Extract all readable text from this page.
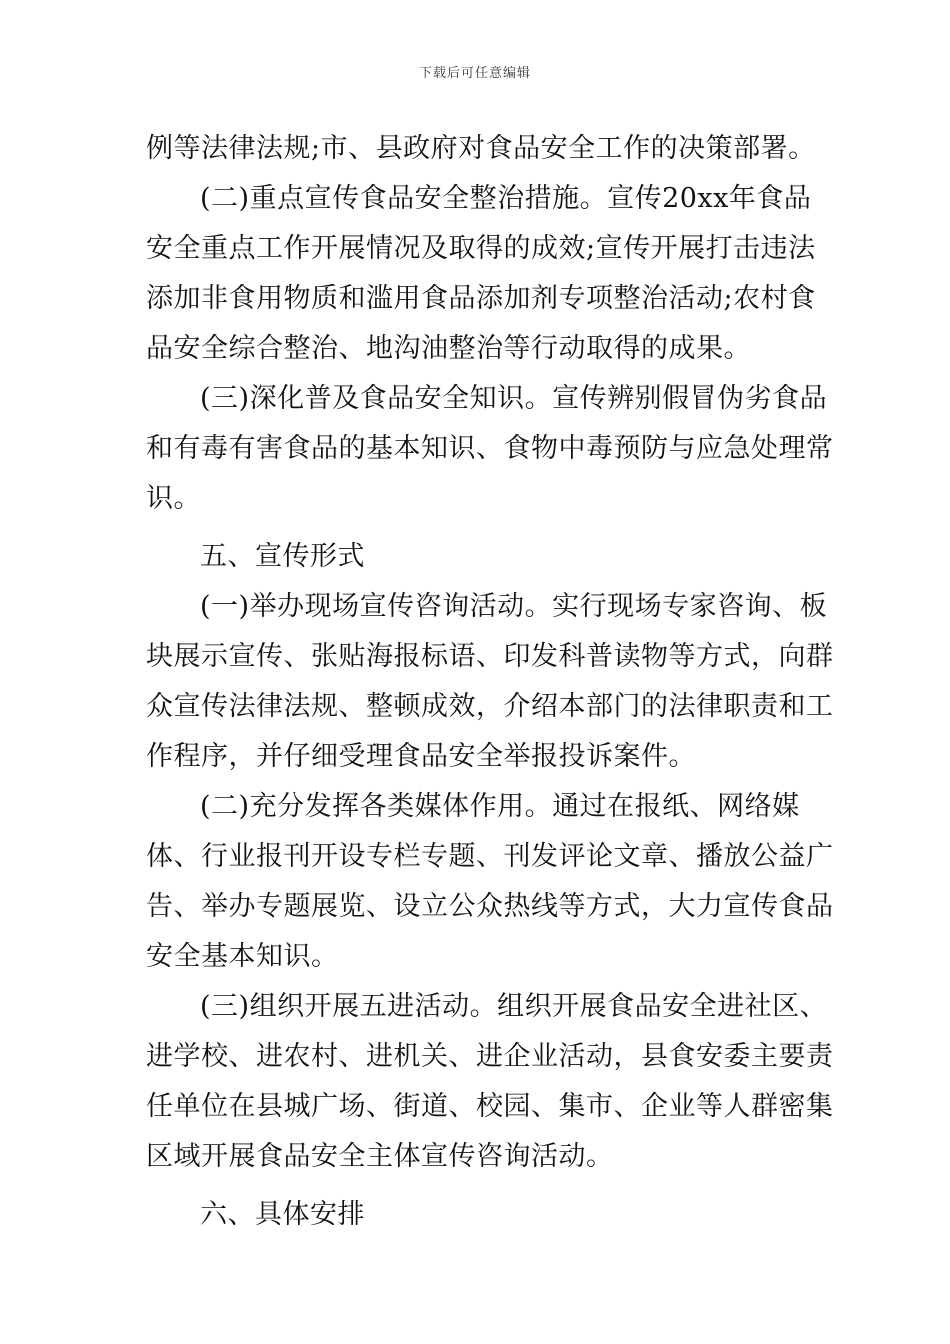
下载后可任意编辑

例等法律法规;市、县政府对食品安全工作的决策部署。

(二)重点宣传食品安全整治措施。宣传20xx年食品安全重点工作开展情况及取得的成效;宣传开展打击违法添加非食用物质和滥用食品添加剂专项整治活动;农村食品安全综合整治、地沟油整治等行动取得的成果。

(三)深化普及食品安全知识。宣传辨别假冒伪劣食品和有毒有害食品的基本知识、食物中毒预防与应急处理常识。

五、宣传形式

(一)举办现场宣传咨询活动。实行现场专家咨询、板块展示宣传、张贴海报标语、印发科普读物等方式，向群众宣传法律法规、整顿成效，介绍本部门的法律职责和工作程序，并仔细受理食品安全举报投诉案件。

(二)充分发挥各类媒体作用。通过在报纸、网络媒体、行业报刊开设专栏专题、刊发评论文章、播放公益广告、举办专题展览、设立公众热线等方式，大力宣传食品安全基本知识。

(三)组织开展五进活动。组织开展食品安全进社区、进学校、进农村、进机关、进企业活动，县食安委主要责任单位在县城广场、街道、校园、集市、企业等人群密集区域开展食品安全主体宣传咨询活动。

六、具体安排
